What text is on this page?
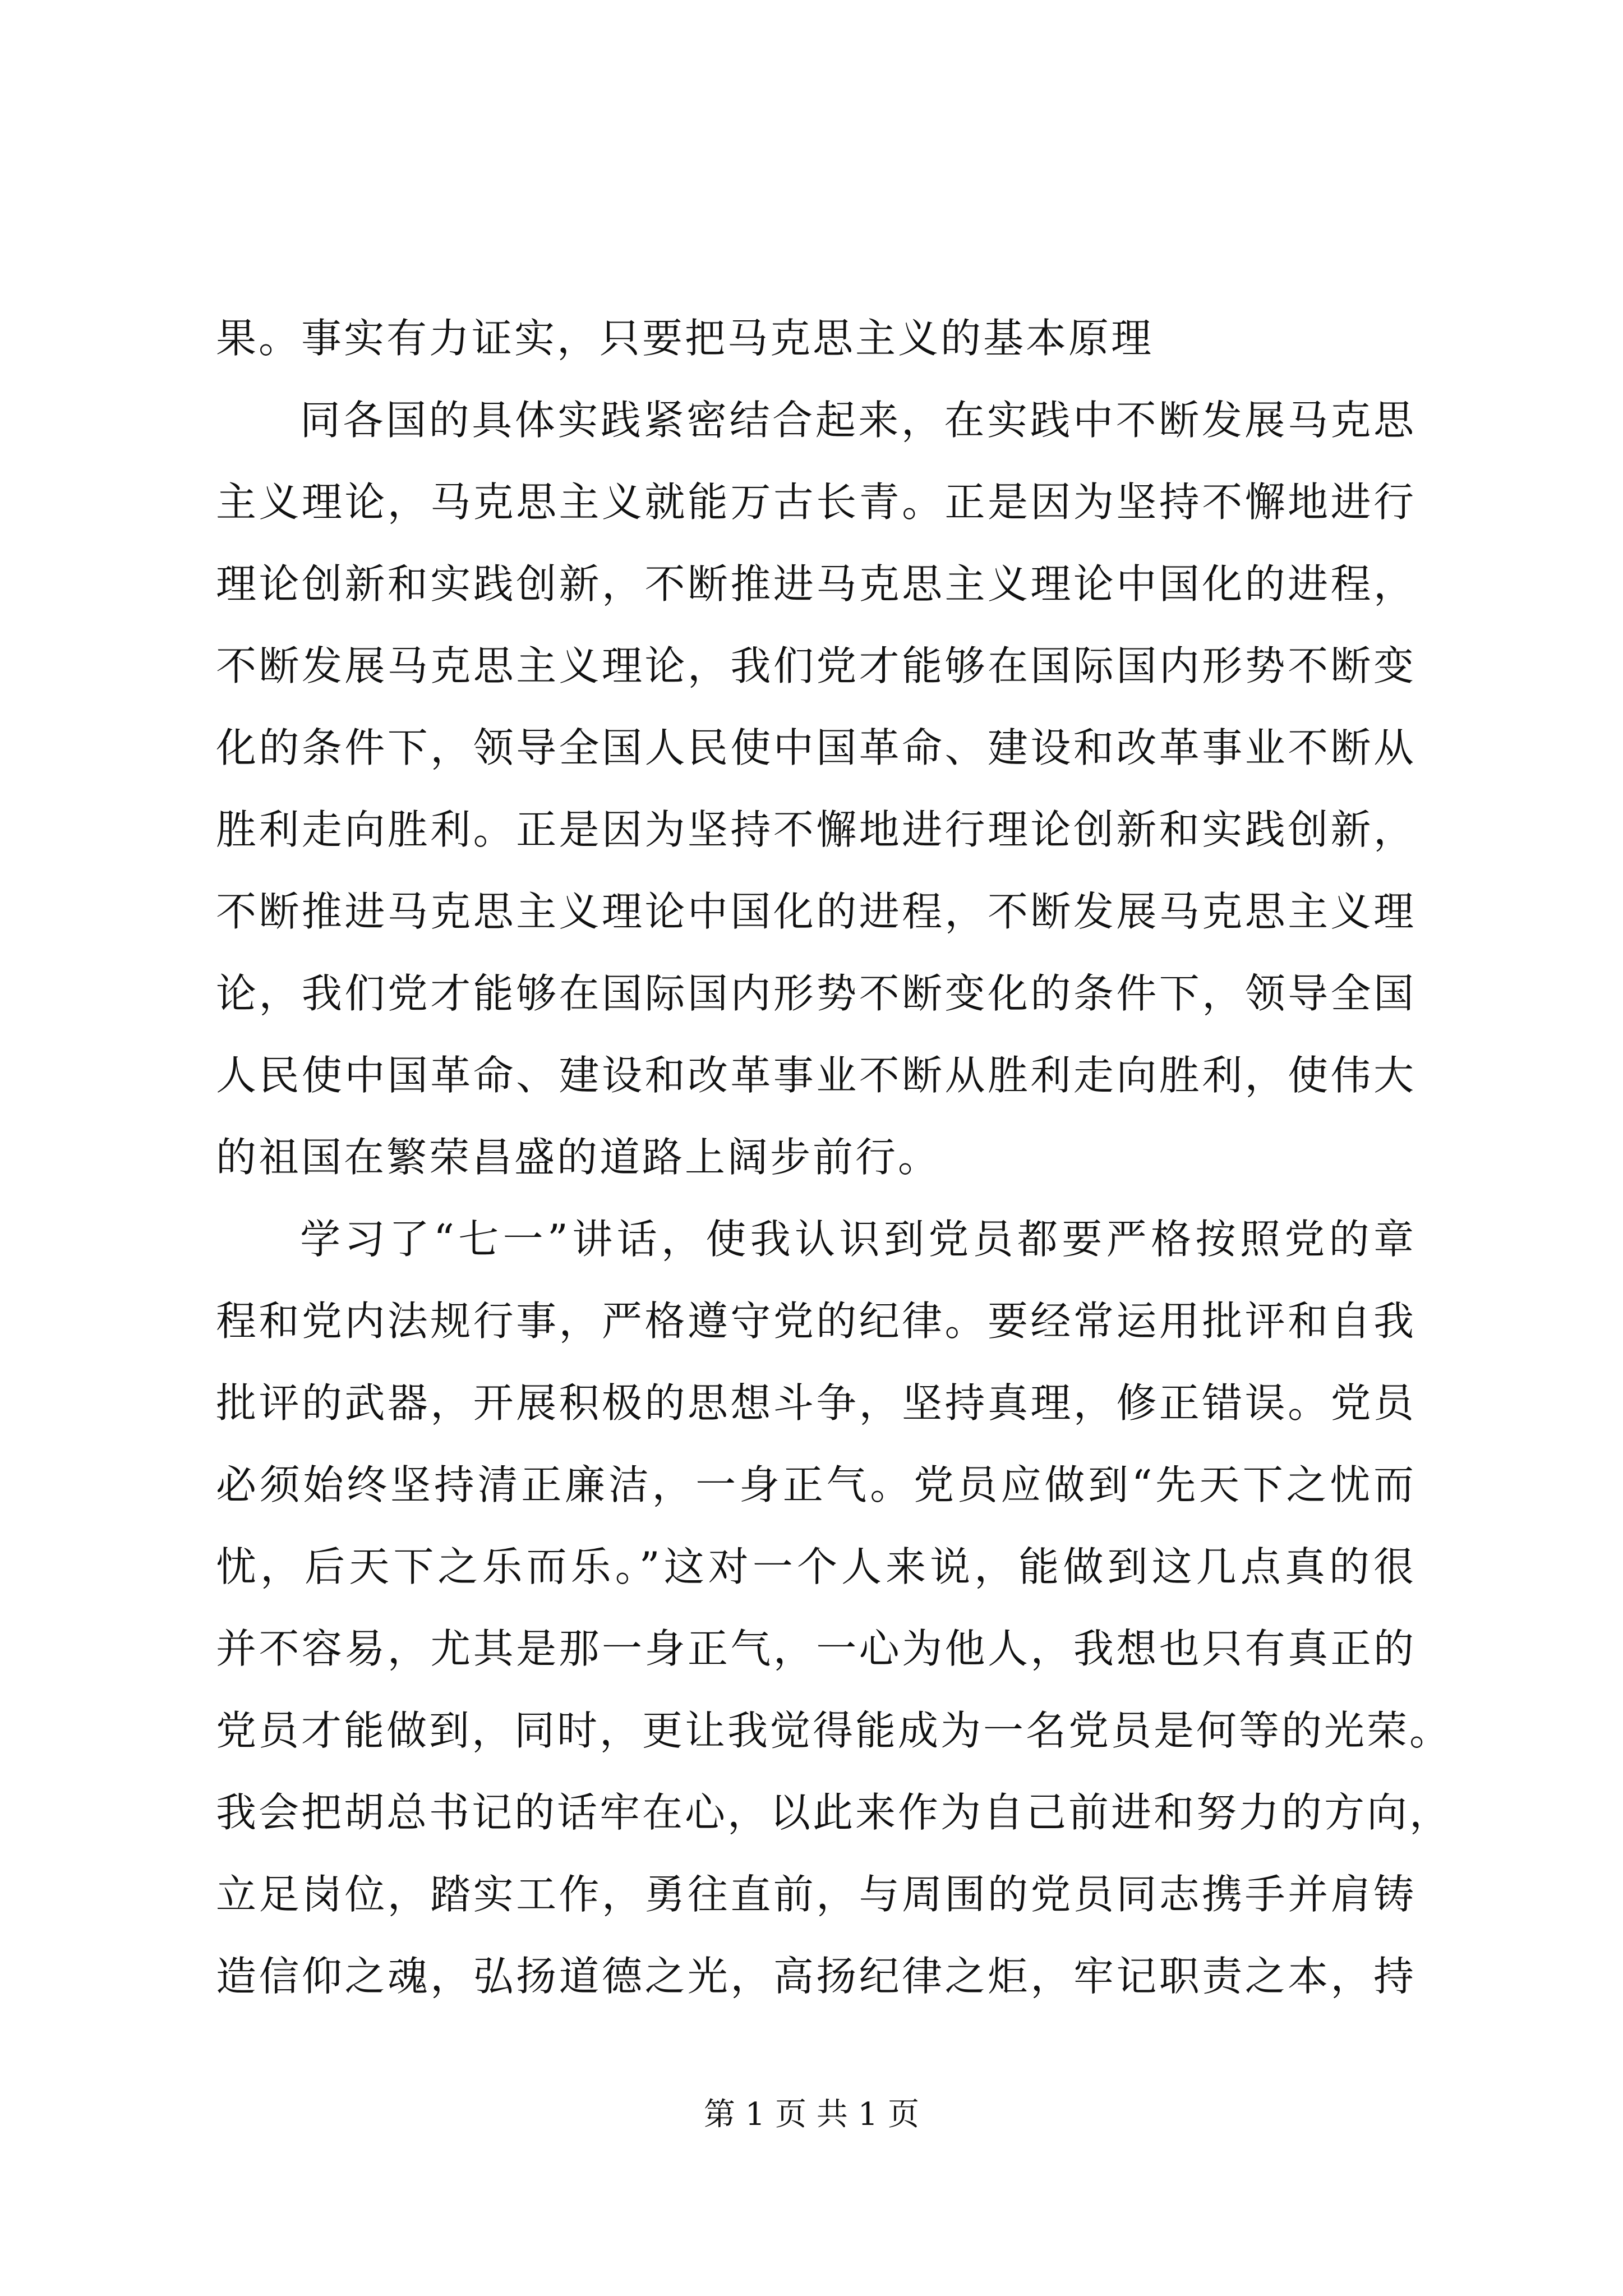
果。事实有力证实，只要把马克思主义的基本原理
同各国的具体实践紧密结合起来，在实践中不断发展马克思
主义理论，马克思主义就能万古长青。正是因为坚持不懈地进行
理论创新和实践创新，不断推进马克思主义理论中国化的进程，
不断发展马克思主义理论，我们党才能够在国际国内形势不断变
化的条件下，领导全国人民使中国革命、建设和改革事业不断从
胜利走向胜利。正是因为坚持不懈地进行理论创新和实践创新，
不断推进马克思主义理论中国化的进程，不断发展马克思主义理
论，我们党才能够在国际国内形势不断变化的条件下，领导全国
人民使中国革命、建设和改革事业不断从胜利走向胜利，使伟大
的祖国在繁荣昌盛的道路上阔步前行。
学习了“七一”讲话，使我认识到党员都要严格按照党的章
程和党内法规行事，严格遵守党的纪律。要经常运用批评和自我
批评的武器，开展积极的思想斗争，坚持真理，修正错误。党员
必须始终坚持清正廉洁，一身正气。党员应做到“先天下之忧而
忧，后天下之乐而乐。”这对一个人来说，能做到这几点真的很
并不容易，尤其是那一身正气，一心为他人，我想也只有真正的
党员才能做到，同时，更让我觉得能成为一名党员是何等的光荣。
我会把胡总书记的话牢在心，以此来作为自己前进和努力的方向，
立足岗位，踏实工作，勇往直前，与周围的党员同志携手并肩铸
造信仰之魂，弘扬道德之光，高扬纪律之炬，牢记职责之本，持
第 1 页 共 1 页
